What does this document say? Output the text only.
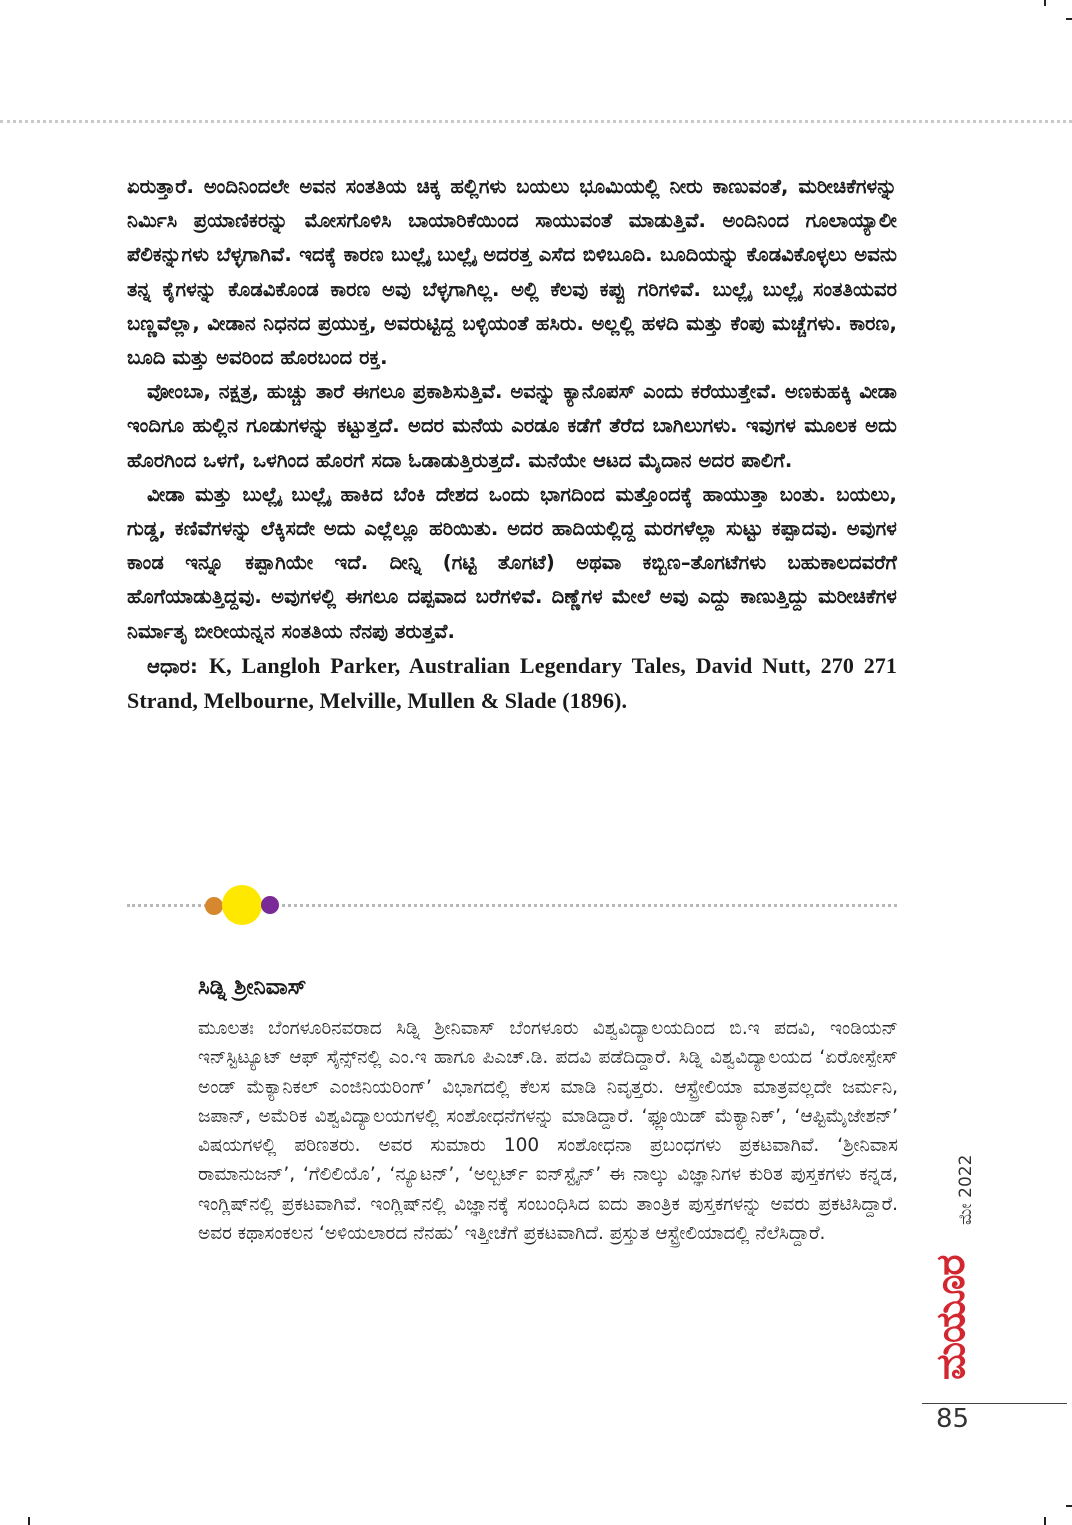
ಏರುತ್ತಾರೆ. ಅಂದಿನಿಂದಲೇ ಅವನ ಸಂತತಿಯ ಚಿಕ್ಕ ಹಲ್ಲಿಗಳು ಬಯಲು ಭೂಮಿಯಲ್ಲಿ ನೀರು ಕಾಣುವಂತೆ, ಮರೀಚಿಕೆಗಳನ್ನು ನಿರ್ಮಿಸಿ ಪ್ರಯಾಣಿಕರನ್ನು ಮೋಸಗೊಳಿಸಿ ಬಾಯಾರಿಕೆಯಿಂದ ಸಾಯುವಂತೆ ಮಾಡುತ್ತಿವೆ. ಅಂದಿನಿಂದ ಗೂಲಾಯ್ಯಾಲೀ ಪೆಲಿಕನ್ನುಗಳು ಬೆಳ್ಳಗಾಗಿವೆ. ಇದಕ್ಕೆ ಕಾರಣ ಬುಲ್ಲೈ ಬುಲ್ಲೈ ಅದರತ್ತ ಎಸೆದ ಬಿಳಿಬೂದಿ. ಬೂದಿಯನ್ನು ಕೊಡವಿಕೊಳ್ಳಲು ಅವನು ತನ್ನ ಕೈಗಳನ್ನು ಕೊಡವಿಕೊಂಡ ಕಾರಣ ಅವು ಬೆಳ್ಳಗಾಗಿಲ್ಲ. ಅಲ್ಲಿ ಕೆಲವು ಕಪ್ಪು ಗರಿಗಳಿವೆ. ಬುಲ್ಲೈ ಬುಲ್ಲೈ ಸಂತತಿಯವರ ಬಣ್ಣವೆಲ್ಲಾ, ವೀಡಾನ ನಿಧನದ ಪ್ರಯುಕ್ತ, ಅವರುಟ್ಟಿದ್ದ ಬಳ್ಳಿಯಂತೆ ಹಸಿರು. ಅಲ್ಲಲ್ಲಿ ಹಳದಿ ಮತ್ತು ಕೆಂಪು ಮಚ್ಚೆಗಳು. ಕಾರಣ, ಬೂದಿ ಮತ್ತು ಅವರಿಂದ ಹೊರಬಂದ ರಕ್ತ.

ವೋಂಬಾ, ನಕ್ಷತ್ರ, ಹುಚ್ಚು ತಾರೆ ಈಗಲೂ ಪ್ರಕಾಶಿಸುತ್ತಿವೆ. ಅವನ್ನು ಕ್ಯಾನೊಪಸ್ ಎಂದು ಕರೆಯುತ್ತೇವೆ. ಅಣಕುಹಕ್ಕಿ ವೀಡಾ ಇಂದಿಗೂ ಹುಲ್ಲಿನ ಗೂಡುಗಳನ್ನು ಕಟ್ಟುತ್ತದೆ. ಅದರ ಮನೆಯ ಎರಡೂ ಕಡೆಗೆ ತೆರೆದ ಬಾಗಿಲುಗಳು. ಇವುಗಳ ಮೂಲಕ ಅದು ಹೊರಗಿಂದ ಒಳಗೆ, ಒಳಗಿಂದ ಹೊರಗೆ ಸದಾ ಓಡಾಡುತ್ತಿರುತ್ತದೆ. ಮನೆಯೇ ಆಟದ ಮೈದಾನ ಅದರ ಪಾಲಿಗೆ.

ವೀಡಾ ಮತ್ತು ಬುಲ್ಲೈ ಬುಲ್ಲೈ ಹಾಕಿದ ಬೆಂಕಿ ದೇಶದ ಒಂದು ಭಾಗದಿಂದ ಮತ್ತೊಂದಕ್ಕೆ ಹಾಯುತ್ತಾ ಬಂತು. ಬಯಲು, ಗುಡ್ಡ, ಕಣಿವೆಗಳನ್ನು ಲೆಕ್ಕಿಸದೇ ಅದು ಎಲ್ಲೆಲ್ಲೂ ಹರಿಯಿತು. ಅದರ ಹಾದಿಯಲ್ಲಿದ್ದ ಮರಗಳೆಲ್ಲಾ ಸುಟ್ಟು ಕಪ್ಪಾದವು. ಅವುಗಳ ಕಾಂಡ ಇನ್ನೂ ಕಪ್ಪಾಗಿಯೇ ಇದೆ. ದೀನ್ನಿ (ಗಟ್ಟಿ ತೊಗಟೆ) ಅಥವಾ ಕಬ್ಬಿಣ–ತೊಗಟೆಗಳು ಬಹುಕಾಲದವರೆಗೆ ಹೊಗೆಯಾಡುತ್ತಿದ್ದವು. ಅವುಗಳಲ್ಲಿ ಈಗಲೂ ದಪ್ಪವಾದ ಬರೆಗಳಿವೆ. ದಿಣ್ಣೆಗಳ ಮೇಲೆ ಅವು ಎದ್ದು ಕಾಣುತ್ತಿದ್ದು ಮರೀಚಿಕೆಗಳ ನಿರ್ಮಾತೃ ಬೀರೀಯನ್ನನ ಸಂತತಿಯ ನೆನಪು ತರುತ್ತವೆ.

ಆಧಾರ: K, Langloh Parker, Australian Legendary Tales, David Nutt, 270 271 Strand, Melbourne, Melville, Mullen & Slade (1896).

ಸಿಡ್ನಿ ಶ್ರೀನಿವಾಸ್

ಮೂಲತಃ ಬೆಂಗಳೂರಿನವರಾದ ಸಿಡ್ನಿ ಶ್ರೀನಿವಾಸ್ ಬೆಂಗಳೂರು ವಿಶ್ವವಿದ್ಯಾಲಯದಿಂದ ಬಿ.ಇ ಪದವಿ, ಇಂಡಿಯನ್ ಇನ್‌ಸ್ಟಿಟ್ಯೂಟ್ ಆಫ್ ಸೈನ್ಸ್‌ನಲ್ಲಿ ಎಂ.ಇ ಹಾಗೂ ಪಿಎಚ್.ಡಿ. ಪದವಿ ಪಡೆದಿದ್ದಾರೆ. ಸಿಡ್ನಿ ವಿಶ್ವವಿದ್ಯಾಲಯದ ‘ಏರೋಸ್ಪೇಸ್ ಅಂಡ್ ಮೆಕ್ಯಾನಿಕಲ್ ಎಂಜಿನಿಯರಿಂಗ್’ ವಿಭಾಗದಲ್ಲಿ ಕೆಲಸ ಮಾಡಿ ನಿವೃತ್ತರು. ಆಸ್ಟ್ರೇಲಿಯಾ ಮಾತ್ರವಲ್ಲದೇ ಜರ್ಮನಿ, ಜಪಾನ್, ಅಮೆರಿಕ ವಿಶ್ವವಿದ್ಯಾಲಯಗಳಲ್ಲಿ ಸಂಶೋಧನೆಗಳನ್ನು ಮಾಡಿದ್ದಾರೆ. ‘ಫ್ಲೂಯಿಡ್ ಮೆಕ್ಯಾನಿಕ್’, ‘ಆಪ್ಟಿಮೈಜೇಶನ್’ ವಿಷಯಗಳಲ್ಲಿ ಪರಿಣತರು. ಅವರ ಸುಮಾರು 100 ಸಂಶೋಧನಾ ಪ್ರಬಂಧಗಳು ಪ್ರಕಟವಾಗಿವೆ. ‘ಶ್ರೀನಿವಾಸ ರಾಮಾನುಜನ್’, ‘ಗೆಲಿಲಿಯೊ’, ‘ನ್ಯೂಟನ್’, ‘ಅಲ್ಬರ್ಟ್ ಐನ್‌ಸ್ಟೈನ್’ ಈ ನಾಲ್ಕು ವಿಜ್ಞಾನಿಗಳ ಕುರಿತ ಪುಸ್ತಕಗಳು ಕನ್ನಡ, ಇಂಗ್ಲಿಷ್‌ನಲ್ಲಿ ಪ್ರಕಟವಾಗಿವೆ. ಇಂಗ್ಲಿಷ್‌ನಲ್ಲಿ ವಿಜ್ಞಾನಕ್ಕೆ ಸಂಬಂಧಿಸಿದ ಐದು ತಾಂತ್ರಿಕ ಪುಸ್ತಕಗಳನ್ನು ಅವರು ಪ್ರಕಟಿಸಿದ್ದಾರೆ. ಅವರ ಕಥಾಸಂಕಲನ ‘ಅಳಿಯಲಾರದ ನೆನಹು’ ಇತ್ತೀಚೆಗೆ ಪ್ರಕಟವಾಗಿದೆ. ಪ್ರಸ್ತುತ ಆಸ್ಟ್ರೇಲಿಯಾದಲ್ಲಿ ನೆಲೆಸಿದ್ದಾರೆ.

ಮೇ 2022
ಮಯೂರ
85
